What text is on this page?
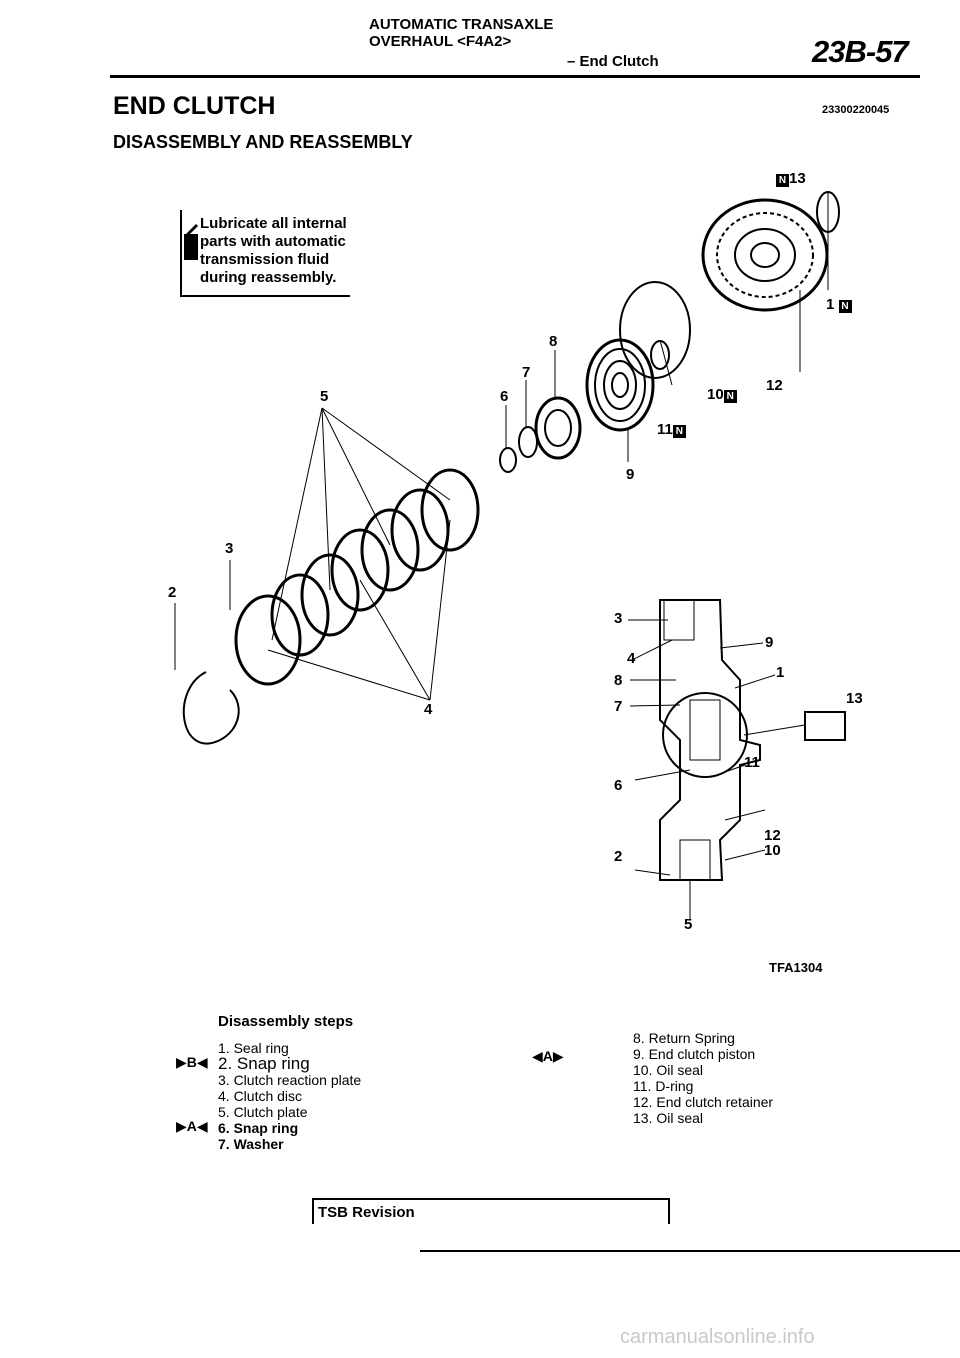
AUTOMATIC TRANSAXLE
OVERHAUL <F4A2>
– End Clutch	23B-57
END CLUTCH	23300220045
DISASSEMBLY AND REASSEMBLY
Lubricate all internal
parts with automatic
transmission fluid
during reassembly.
N 13
1 N
8
7
5	6	10 N
12
11 N
9
3
2
4
3
9
4
8	1
13
7
11
6
12
10
2
5
TFA1304
Disassembly steps
▶B◀	◀A▶
▶A◀
1. Seal ring
2. Snap ring
3. Clutch reaction plate
4. Clutch disc
5. Clutch plate
6. Snap ring
7. Washer
8. Return Spring
9. End clutch piston
10. Oil seal
11. D-ring
12. End clutch retainer
13. Oil seal
TSB Revision
carmanualsonline.info
